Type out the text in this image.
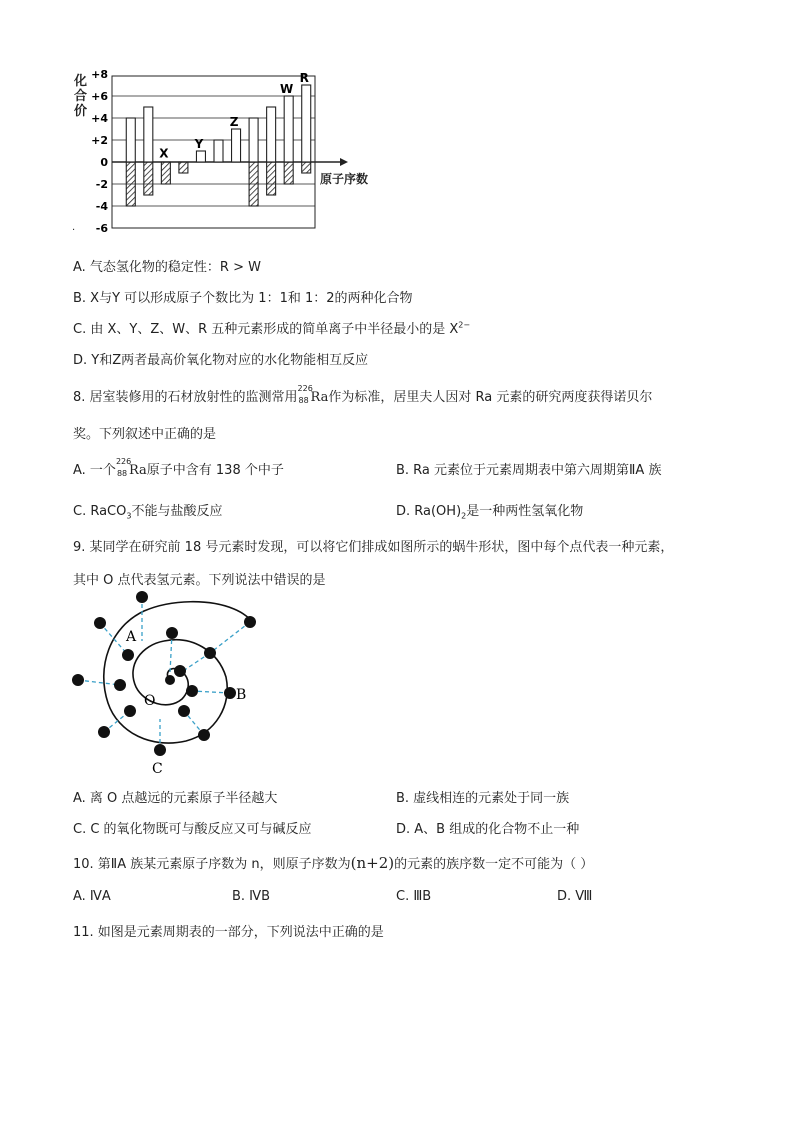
+8
+6
+4
+2
0
-2
-4
-6
X
Y
Z
W
R
化合价
原子序数
.
A. 气态氢化物的稳定性：R > W
B. X与Y 可以形成原子个数比为 1：1和 1：2的两种化合物
C. 由 X、Y、Z、W、R 五种元素形成的简单离子中半径最小的是 $X^{2-}$
D. Y和Z两者最高价氧化物对应的水化物能相互反应
8. 居室装修用的石材放射性的监测常用
226
88 Ra作为标准，居里夫人因对 Ra 元素的研究两度获得诺贝尔
奖。下列叙述中正确的是
A. 一个
226
88 Ra原子中含有 138 个中子	B. Ra 元素位于元素周期表中第六周期第ⅡA 族
C. RaCO$_3$不能与盐酸反应	D. $Ra(OH)_2$是一种两性氢氧化物
9. 某同学在研究前 18 号元素时发现，可以将它们排成如图所示的蜗牛形状，图中每个点代表一种元素，
其中 O 点代表氢元素。下列说法中错误的是
A
B
C
O
A. 离 O 点越远的元素原子半径越大	B. 虚线相连的元素处于同一族
C. C 的氧化物既可与酸反应又可与碱反应	D. A、B 组成的化合物不止一种
10. 第ⅡA 族某元素原子序数为 n，则原子序数为(n+2)的元素的族序数一定不可能为（ ）
A. ⅣA	B. ⅣB	C. ⅢB	D. Ⅷ
11. 如图是元素周期表的一部分，下列说法中正确的是
